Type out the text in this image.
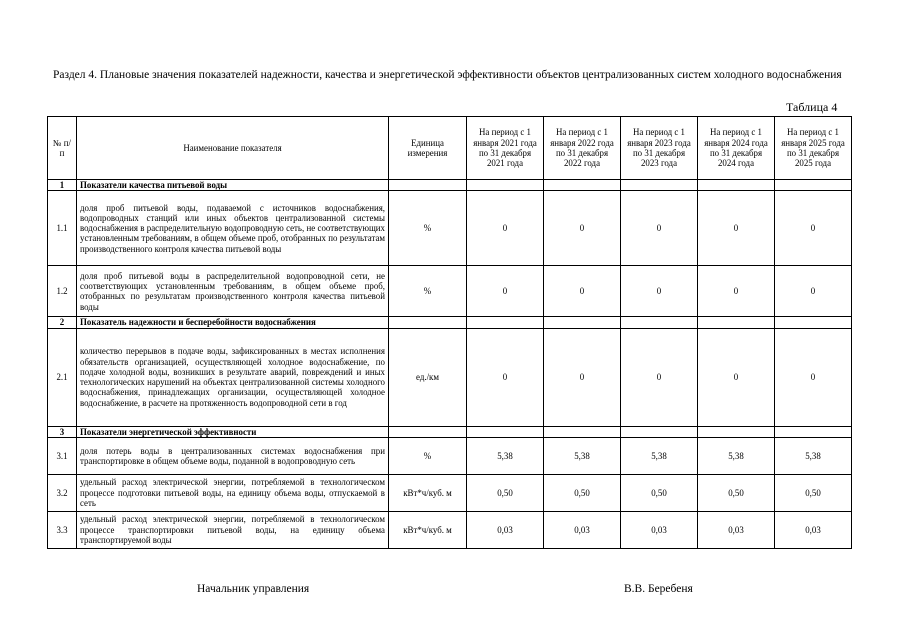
Раздел 4. Плановые значения показателей надежности, качества и энергетической эффективности объектов централизованных систем холодного водоснабжения
Таблица 4
№ п/п	Наименование показателя	Единица измерения	На период с 1 января 2021 года по 31 декабря 2021 года	На период с 1 января 2022 года по 31 декабря 2022 года	На период с 1 января 2023 года по 31 декабря 2023 года	На период с 1 января 2024 года по 31 декабря 2024 года	На период с 1 января 2025 года по 31 декабря 2025 года
1	Показатели качества питьевой воды						
1.1	доля проб питьевой воды, подаваемой с источников водоснабжения, водопроводных станций или иных объектов централизованной системы водоснабжения в распределительную водопроводную сеть, не соответствующих установленным требованиям, в общем объеме проб, отобранных по результатам производственного контроля качества питьевой воды	%	0	0	0	0	0
1.2	доля проб питьевой воды в распределительной водопроводной сети, не соответствующих установленным требованиям, в общем объеме проб, отобранных по результатам производственного контроля качества питьевой воды	%	0	0	0	0	0
2	Показатель надежности и бесперебойности водоснабжения						
2.1	количество перерывов в подаче воды, зафиксированных в местах исполнения обязательств организацией, осуществляющей холодное водоснабжение, по подаче холодной воды, возникших в результате аварий, повреждений и иных технологических нарушений на объектах централизованной системы холодного водоснабжения, принадлежащих организации, осуществляющей холодное водоснабжение, в расчете на протяженность водопроводной сети в год	ед./км	0	0	0	0	0
3	Показатели энергетической эффективности						
3.1	доля потерь воды в централизованных системах водоснабжения при транспортировке в общем объеме воды, поданной в водопроводную сеть	%	5,38	5,38	5,38	5,38	5,38
3.2	удельный расход электрической энергии, потребляемой в технологическом процессе подготовки питьевой воды, на единицу объема воды, отпускаемой в сеть	кВт*ч/куб. м	0,50	0,50	0,50	0,50	0,50
3.3	удельный расход электрической энергии, потребляемой в технологическом процессе транспортировки питьевой воды, на единицу объема транспортируемой воды	кВт*ч/куб. м	0,03	0,03	0,03	0,03	0,03
Начальник управления	В.В. Беребеня
